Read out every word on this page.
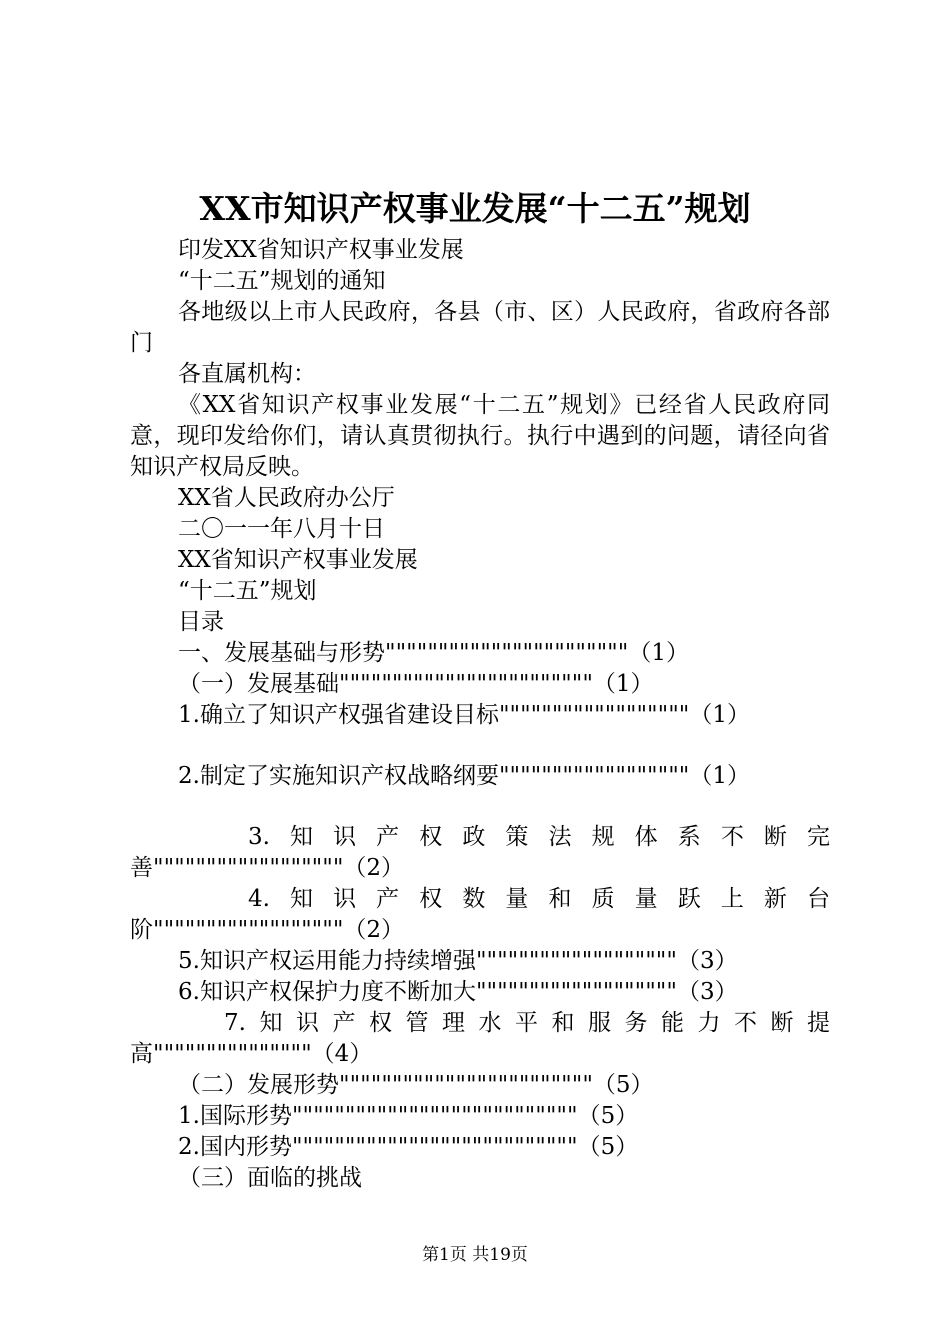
XX市知识产权事业发展“十二五”规划
印发XX省知识产权事业发展
“十二五”规划的通知
各地级以上市人民政府，各县（市、区）人民政府，省政府各部门
各直属机构：
《XX省知识产权事业发展“十二五”规划》已经省人民政府同意，现印发给你们，请认真贯彻执行。执行中遇到的问题，请径向省知识产权局反映。
XX省人民政府办公厅
二〇一一年八月十日
XX省知识产权事业发展
“十二五”规划
目录
一、发展基础与形势"""""""""""""""""""""""（1）
（一）发展基础""""""""""""""""""""""""（1）
1.确立了知识产权强省建设目标""""""""""""""""""（1）
2.制定了实施知识产权战略纲要""""""""""""""""""（1）
3.知识产权政策法规体系不断完
善""""""""""""""""""（2）
4.知识产权数量和质量跃上新台
阶""""""""""""""""""（2）
5.知识产权运用能力持续增强"""""""""""""""""""（3）
6.知识产权保护力度不断加大"""""""""""""""""""（3）
7.知识产权管理水平和服务能力不断提
高"""""""""""""""（4）
（二）发展形势""""""""""""""""""""""""（5）
1.国际形势"""""""""""""""""""""""""""（5）
2.国内形势"""""""""""""""""""""""""""（5）
（三）面临的挑战
第1页 共19页
